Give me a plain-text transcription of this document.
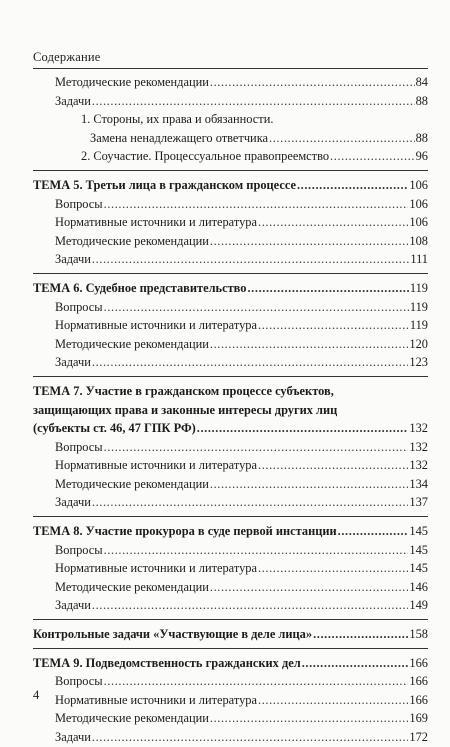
Содержание
Методические рекомендации .....	84
Задачи .....	88
1. Стороны, их права и обязанности.
Замена ненадлежащего ответчика .....	88
2. Соучастие. Процессуальное правопреемство .....	96
ТЕМА 5. Третьи лица в гражданском процессе .....	106
Вопросы .....	106
Нормативные источники и литература .....	106
Методические рекомендации .....	108
Задачи .....	111
ТЕМА 6. Судебное представительство .....	119
Вопросы .....	119
Нормативные источники и литература .....	119
Методические рекомендации .....	120
Задачи .....	123
ТЕМА 7. Участие в гражданском процессе субъектов,
защищающих права и законные интересы других лиц
(субъекты ст. 46, 47 ГПК РФ) .....	132
Вопросы .....	132
Нормативные источники и литература .....	132
Методические рекомендации .....	134
Задачи .....	137
ТЕМА 8. Участие прокурора в суде первой инстанции .....	145
Вопросы .....	145
Нормативные источники и литература .....	145
Методические рекомендации .....	146
Задачи .....	149
Контрольные задачи «Участвующие в деле лица» .....	158
ТЕМА 9. Подведомственность гражданских дел .....	166
Вопросы .....	166
Нормативные источники и литература .....	166
Методические рекомендации .....	169
Задачи .....	172
4
